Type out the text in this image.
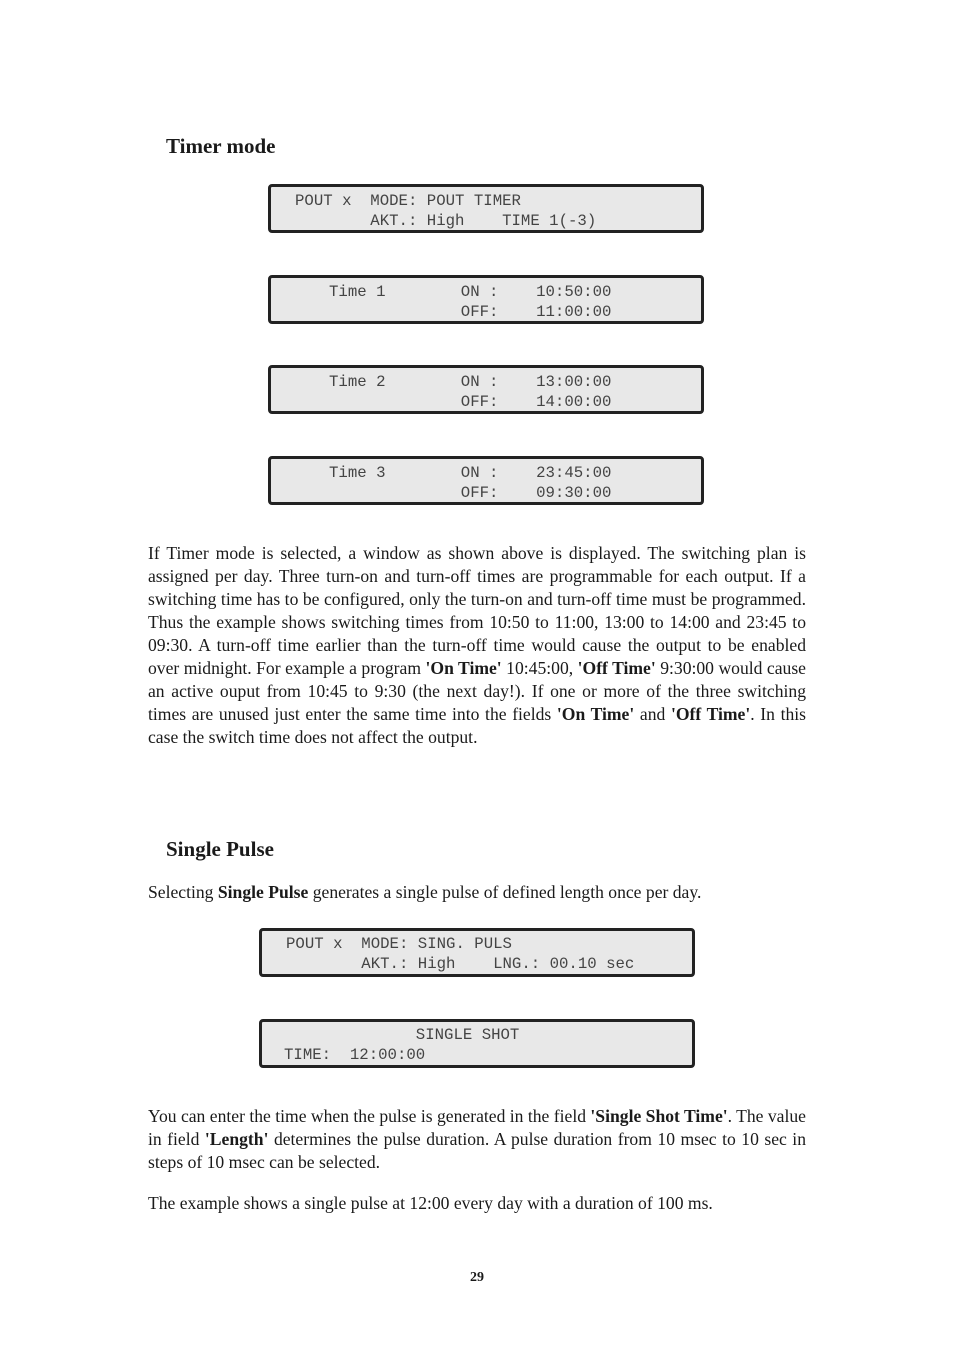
Timer mode
POUT x  MODE: POUT TIMER
AKT.: High    TIME 1(-3)
Time 1        ON :    10:50:00
OFF:    11:00:00
Time 2        ON :    13:00:00
OFF:    14:00:00
Time 3        ON :    23:45:00
OFF:    09:30:00

If Timer mode is selected, a window as shown above is displayed. The switching plan is assigned per day. Three turn-on and turn-off times are programmable for each output. If a switching time has to be configured, only the turn-on and turn-off time must be programmed. Thus the example shows switching times from 10:50 to 11:00, 13:00 to 14:00 and 23:45 to 09:30. A turn-off time earlier than the turn-off time would cause the output to be enabled over midnight. For example a program 'On Time' 10:45:00, 'Off Time' 9:30:00 would cause an active ouput from 10:45 to 9:30 (the next day!). If one or more of the three switching times are unused just enter the same time into the fields 'On Time' and 'Off Time'. In this case the switch time does not affect the output.

Single Pulse

Selecting Single Pulse generates a single pulse of defined length once per day.

POUT x  MODE: SING. PULS
AKT.: High    LNG.: 00.10 sec
SINGLE SHOT
TIME:  12:00:00

You can enter the time when the pulse is generated in the field 'Single Shot Time'. The value in field 'Length' determines the pulse duration. A pulse duration from 10 msec to 10 sec in steps of 10 msec can be selected.

The example shows a single pulse at 12:00 every day with a duration of 100 ms.

29
